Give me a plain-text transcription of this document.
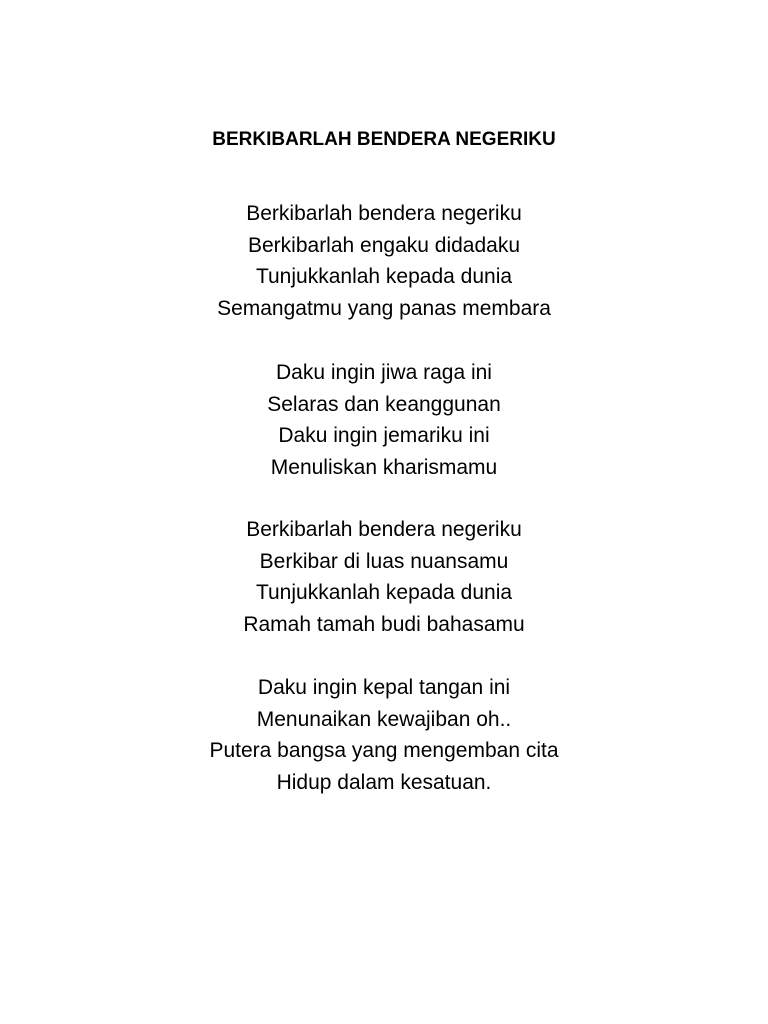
BERKIBARLAH BENDERA NEGERIKU
Berkibarlah bendera negeriku
Berkibarlah engaku didadaku
Tunjukkanlah kepada dunia
Semangatmu yang panas membara
Daku ingin jiwa raga ini
Selaras dan keanggunan
Daku ingin jemariku ini
Menuliskan kharismamu
Berkibarlah bendera negeriku
Berkibar di luas nuansamu
Tunjukkanlah kepada dunia
Ramah tamah budi bahasamu
Daku ingin kepal tangan ini
Menunaikan kewajiban oh..
Putera bangsa yang mengemban cita
Hidup dalam kesatuan.
